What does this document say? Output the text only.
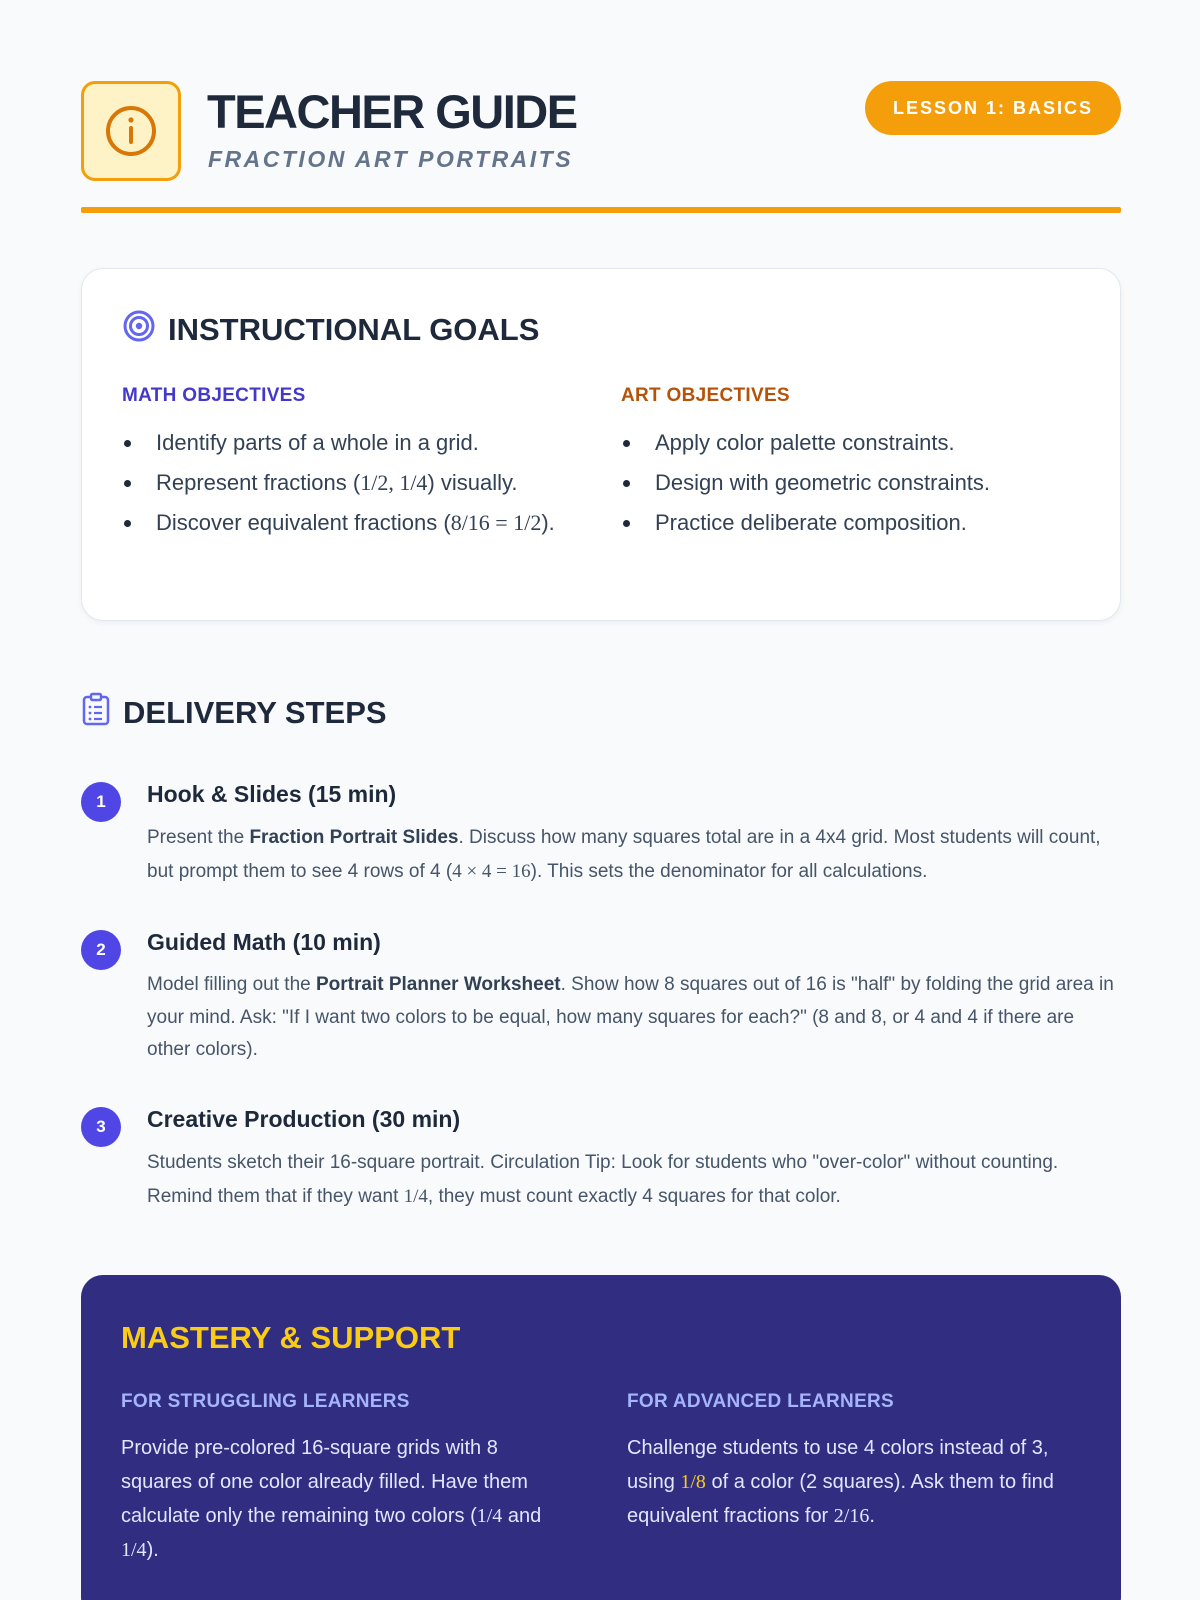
TEACHER GUIDE
FRACTION ART PORTRAITS
LESSON 1: BASICS
INSTRUCTIONAL GOALS
MATH OBJECTIVES
Identify parts of a whole in a grid.
Represent fractions (1/2, 1/4) visually.
Discover equivalent fractions (8/16 = 1/2).
ART OBJECTIVES
Apply color palette constraints.
Design with geometric constraints.
Practice deliberate composition.
DELIVERY STEPS
1	Hook & Slides (15 min)
Present the Fraction Portrait Slides. Discuss how many squares total are in a 4x4 grid. Most students will count, but prompt them to see 4 rows of 4 (4 × 4 = 16). This sets the denominator for all calculations.
2	Guided Math (10 min)
Model filling out the Portrait Planner Worksheet. Show how 8 squares out of 16 is "half" by folding the grid area in your mind. Ask: "If I want two colors to be equal, how many squares for each?" (8 and 8, or 4 and 4 if there are other colors).
3	Creative Production (30 min)
Students sketch their 16-square portrait. Circulation Tip: Look for students who "over-color" without counting. Remind them that if they want 1/4, they must count exactly 4 squares for that color.
MASTERY & SUPPORT
FOR STRUGGLING LEARNERS
Provide pre-colored 16-square grids with 8 squares of one color already filled. Have them calculate only the remaining two colors (1/4 and 1/4).
FOR ADVANCED LEARNERS
Challenge students to use 4 colors instead of 3, using 1/8 of a color (2 squares). Ask them to find equivalent fractions for 2/16.
